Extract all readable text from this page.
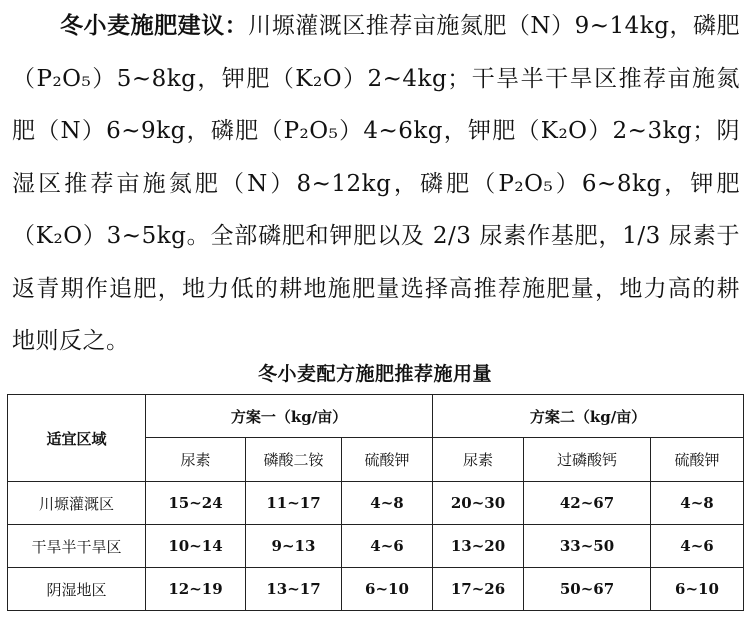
冬小麦施肥建议：川塬灌溉区推荐亩施氮肥（N）9~14kg，磷肥（P₂O₅）5~8kg，钾肥（K₂O）2~4kg；干旱半干旱区推荐亩施氮肥（N）6~9kg，磷肥（P₂O₅）4~6kg，钾肥（K₂O）2~3kg；阴湿区推荐亩施氮肥（N）8~12kg，磷肥（P₂O₅）6~8kg，钾肥（K₂O）3~5kg。全部磷肥和钾肥以及 2/3 尿素作基肥，1/3 尿素于返青期作追肥，地力低的耕地施肥量选择高推荐施肥量，地力高的耕地则反之。
冬小麦配方施肥推荐施用量
适宜区域	方案一（kg/亩）			方案二（kg/亩）		
	尿素	磷酸二铵	硫酸钾	尿素	过磷酸钙	硫酸钾
川塬灌溉区	15~24	11~17	4~8	20~30	42~67	4~8
干旱半干旱区	10~14	9~13	4~6	13~20	33~50	4~6
阴湿地区	12~19	13~17	6~10	17~26	50~67	6~10
